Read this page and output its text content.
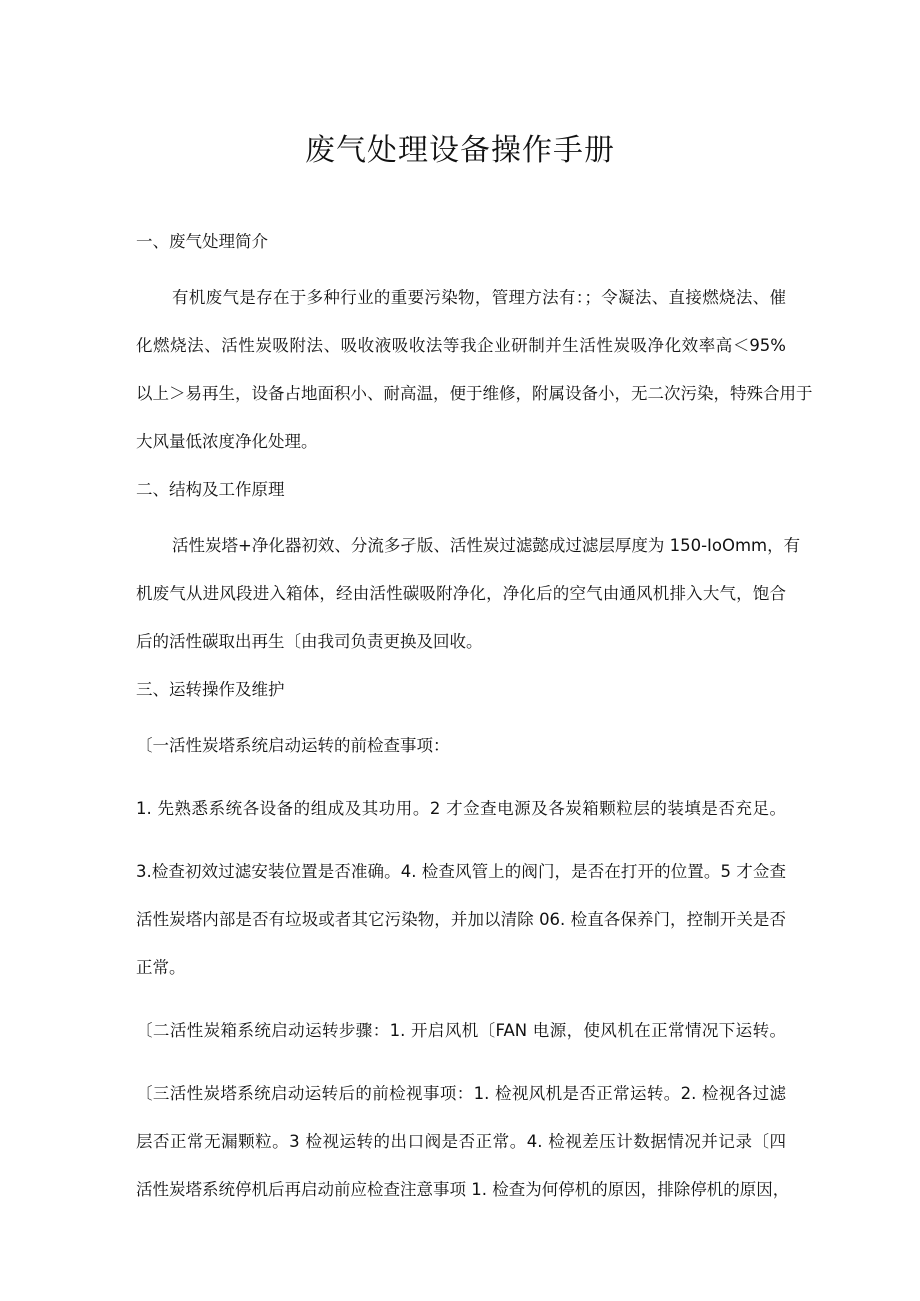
废气处理设备操作手册
一、废气处理简介
有机废气是存在于多种行业的重要污染物，管理方法有：；令凝法、直接燃烧法、催
化燃烧法、活性炭吸附法、吸收液吸收法等我企业研制并生活性炭吸净化效率高＜95%
以上＞易再生，设备占地面积小、耐高温，便于维修，附属设备小，无二次污染，特殊合用于
大风量低浓度净化处理。
二、结构及工作原理
活性炭塔+净化器初效、分流多孑版、活性炭过滤懿成过滤层厚度为 150-IoOmm，有
机废气从进风段进入箱体，经由活性碳吸附净化，净化后的空气由通风机排入大气，饱合
后的活性碳取出再生〔由我司负责更换及回收。
三、运转操作及维护
〔一活性炭塔系统启动运转的前检查事项：
1. 先熟悉系统各设备的组成及其功用。2 才佥查电源及各炭箱颗粒层的装填是否充足。
3.检查初效过滤安装位置是否准确。4. 检查风管上的阀门，是否在打开的位置。5 才佥查
活性炭塔内部是否有垃圾或者其它污染物，并加以清除 06. 检直各保养门，控制开关是否
正常。
〔二活性炭箱系统启动运转步骤：1. 开启风机〔FAN 电源，使风机在正常情况下运转。
〔三活性炭塔系统启动运转后的前检视事项：1. 检视风机是否正常运转。2. 检视各过滤
层否正常无漏颗粒。3 检视运转的出口阀是否正常。4. 检视差压计数据情况并记录〔四
活性炭塔系统停机后再启动前应检查注意事项 1. 检查为何停机的原因，排除停机的原因，
